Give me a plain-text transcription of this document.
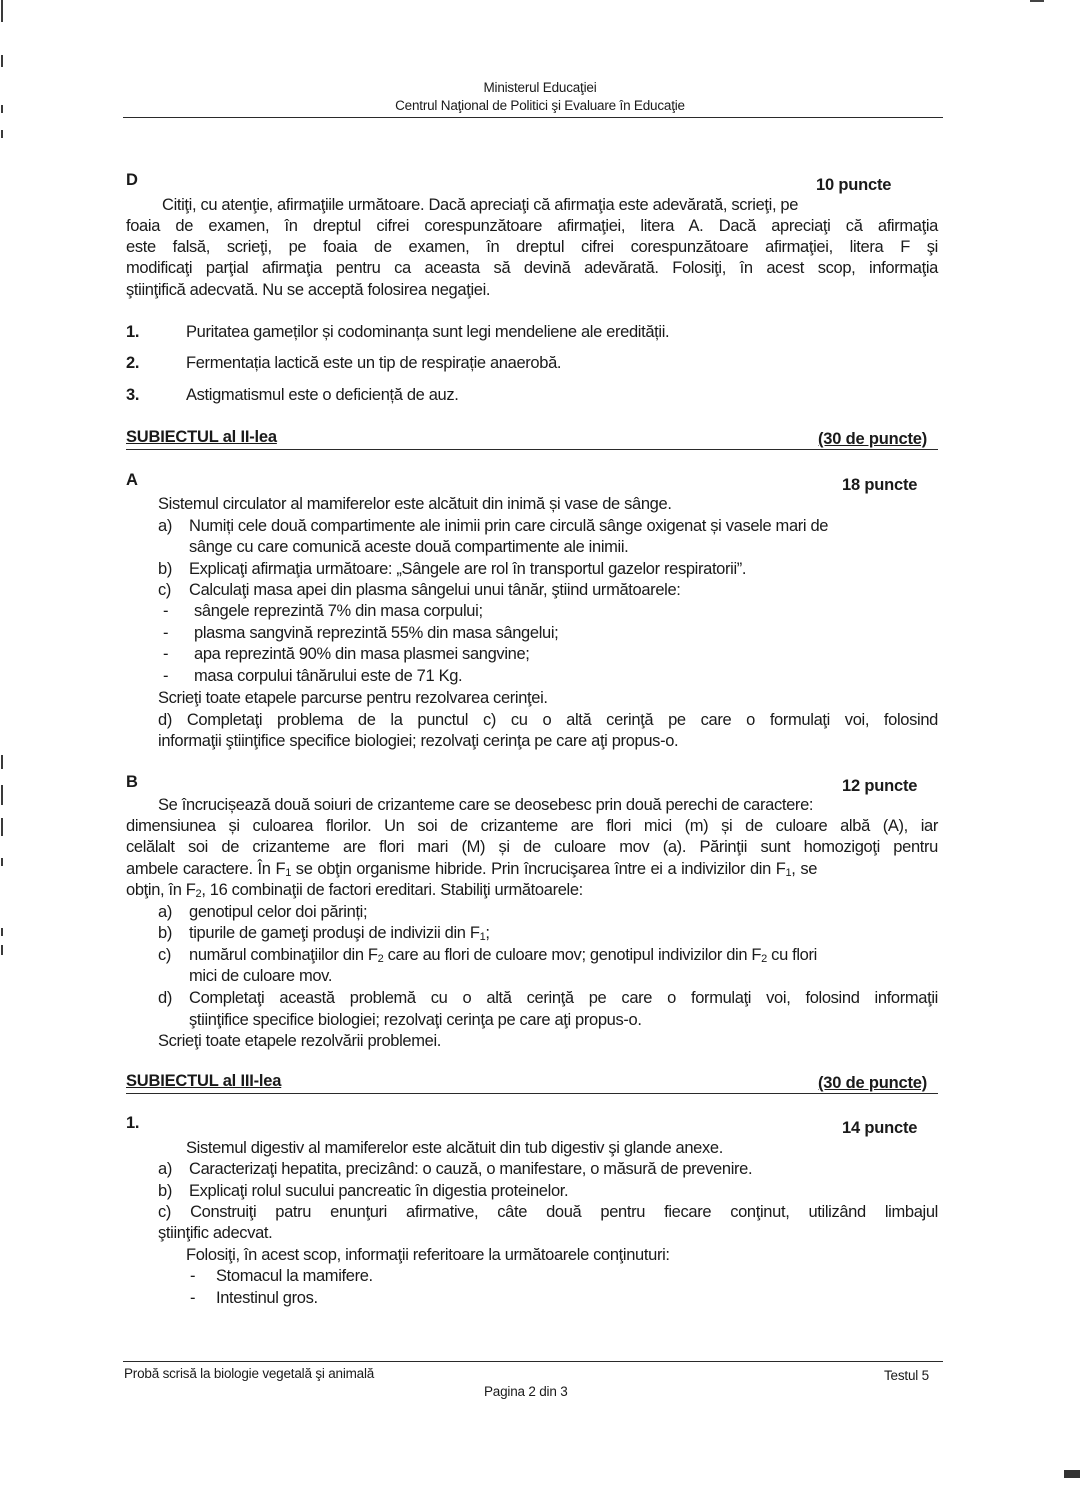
Ministerul Educaţiei
Centrul Naţional de Politici şi Evaluare în Educaţie
D	10 puncte
Citiţi, cu atenţie, afirmaţiile următoare. Dacă apreciaţi că afirmaţia este adevărată, scrieţi, pe
foaia de examen, în dreptul cifrei corespunzătoare afirmaţiei, litera A. Dacă apreciaţi că afirmaţia
este falsă, scrieţi, pe foaia de examen, în dreptul cifrei corespunzătoare afirmaţiei, litera F şi
modificaţi parţial afirmaţia pentru ca aceasta să devină adevărată. Folosiţi, în acest scop, informaţia
ştiinţifică adecvată. Nu se acceptă folosirea negaţiei.
1.	Puritatea gameților și codominanța sunt legi mendeliene ale eredității.
2.	Fermentația lactică este un tip de respirație anaerobă.
3.	Astigmatismul este o deficiență de auz.
SUBIECTUL al II-lea	(30 de puncte)
A	18 puncte
Sistemul circulator al mamiferelor este alcătuit din inimă și vase de sânge.
a) Numiți cele două compartimente ale inimii prin care circulă sânge oxigenat și vasele mari de
sânge cu care comunică aceste două compartimente ale inimii.
b) Explicaţi afirmaţia următoare: „Sângele are rol în transportul gazelor respiratorii”.
c) Calculaţi masa apei din plasma sângelui unui tânăr, ştiind următoarele:
- sângele reprezintă 7% din masa corpului;
- plasma sangvină reprezintă 55% din masa sângelui;
- apa reprezintă 90% din masa plasmei sangvine;
- masa corpului tânărului este de 71 Kg.
Scrieţi toate etapele parcurse pentru rezolvarea cerinţei.
d) Completaţi problema de la punctul c) cu o altă cerinţă pe care o formulaţi voi, folosind
informaţii ştiinţifice specifice biologiei; rezolvaţi cerinţa pe care aţi propus-o.
B	12 puncte
Se încrucișează două soiuri de crizanteme care se deosebesc prin două perechi de caractere:
dimensiunea și culoarea florilor. Un soi de crizanteme are flori mici (m) și de culoare albă (A), iar
celălalt soi de crizanteme are flori mari (M) și de culoare mov (a). Părinţii sunt homozigoţi pentru
ambele caractere. În $F_1$ se obţin organisme hibride. Prin încrucişarea între ei a indivizilor din $F_1$, se
obţin, în $F_2$, 16 combinaţii de factori ereditari. Stabiliţi următoarele:
a) genotipul celor doi părinți;
b) tipurile de gameţi produşi de indivizii din $F_1$;
c) numărul combinaţiilor din $F_2$ care au flori de culoare mov; genotipul indivizilor din $F_2$ cu flori
mici de culoare mov.
d) Completaţi această problemă cu o altă cerinţă pe care o formulaţi voi, folosind informaţii
ştiinţifice specifice biologiei; rezolvaţi cerinţa pe care aţi propus-o.
Scrieţi toate etapele rezolvării problemei.
SUBIECTUL al III-lea	(30 de puncte)
1.	14 puncte
Sistemul digestiv al mamiferelor este alcătuit din tub digestiv şi glande anexe.
a) Caracterizaţi hepatita, precizând: o cauză, o manifestare, o măsură de prevenire.
b) Explicaţi rolul sucului pancreatic în digestia proteinelor.
c) Construiţi patru enunţuri afirmative, câte două pentru fiecare conţinut, utilizând limbajul
ştiinţific adecvat.
Folosiţi, în acest scop, informaţii referitoare la următoarele conţinuturi:
- Stomacul la mamifere.
- Intestinul gros.
Probă scrisă la biologie vegetală şi animală	Testul 5
Pagina 2 din 3
